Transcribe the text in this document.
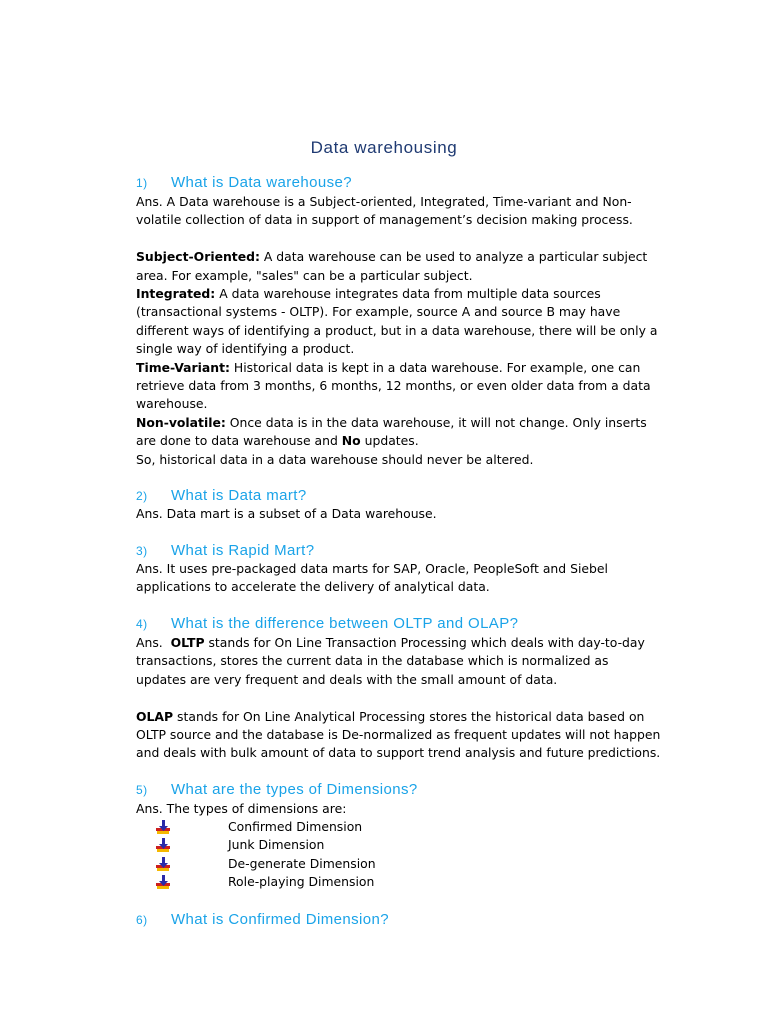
Data warehousing
1) What is Data warehouse?

Ans. A Data warehouse is a Subject-oriented, Integrated, Time-variant and Non-volatile collection of data in support of management’s decision making process.

Subject-Oriented: A data warehouse can be used to analyze a particular subject area. For example, "sales" can be a particular subject.

Integrated: A data warehouse integrates data from multiple data sources (transactional systems - OLTP). For example, source A and source B may have different ways of identifying a product, but in a data warehouse, there will be only a single way of identifying a product.

Time-Variant: Historical data is kept in a data warehouse. For example, one can retrieve data from 3 months, 6 months, 12 months, or even older data from a data warehouse.

Non-volatile: Once data is in the data warehouse, it will not change. Only inserts are done to data warehouse and No updates.

So, historical data in a data warehouse should never be altered.

2) What is Data mart?

Ans. Data mart is a subset of a Data warehouse.

3) What is Rapid Mart?

Ans. It uses pre-packaged data marts for SAP, Oracle, PeopleSoft and Siebel applications to accelerate the delivery of analytical data.

4) What is the difference between OLTP and OLAP?

Ans.  OLTP stands for On Line Transaction Processing which deals with day-to-day transactions, stores the current data in the database which is normalized as updates are very frequent and deals with the small amount of data.

OLAP stands for On Line Analytical Processing stores the historical data based on OLTP source and the database is De-normalized as frequent updates will not happen and deals with bulk amount of data to support trend analysis and future predictions.

5) What are the types of Dimensions?

Ans. The types of dimensions are:

Confirmed Dimension
Junk Dimension
De-generate Dimension
Role-playing Dimension
6) What is Confirmed Dimension?
